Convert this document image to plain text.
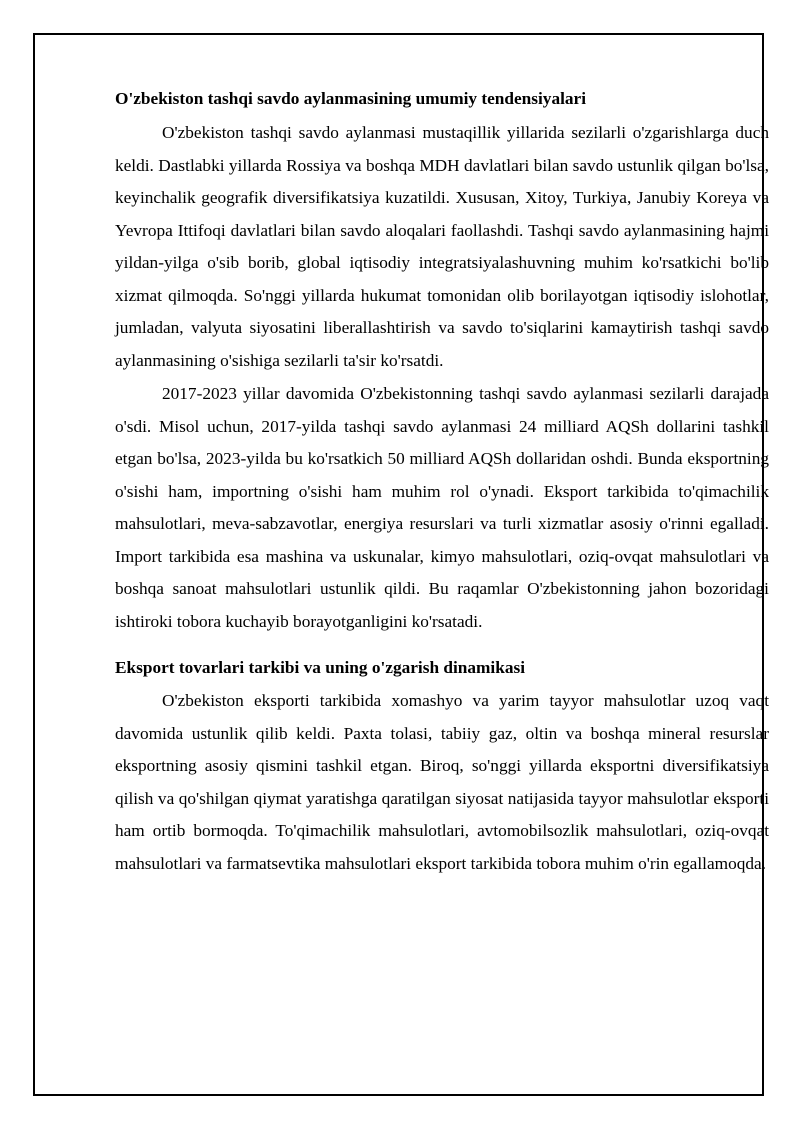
O'zbekiston tashqi savdo aylanmasining umumiy tendensiyalari

O'zbekiston tashqi savdo aylanmasi mustaqillik yillarida sezilarli o'zgarishlarga duch keldi. Dastlabki yillarda Rossiya va boshqa MDH davlatlari bilan savdo ustunlik qilgan bo'lsa, keyinchalik geografik diversifikatsiya kuzatildi. Xususan, Xitoy, Turkiya, Janubiy Koreya va Yevropa Ittifoqi davlatlari bilan savdo aloqalari faollashdi. Tashqi savdo aylanmasining hajmi yildan-yilga o'sib borib, global iqtisodiy integratsiyalashuvning muhim ko'rsatkichi bo'lib xizmat qilmoqda. So'nggi yillarda hukumat tomonidan olib borilayotgan iqtisodiy islohotlar, jumladan, valyuta siyosatini liberallashtirish va savdo to'siqlarini kamaytirish tashqi savdo aylanmasining o'sishiga sezilarli ta'sir ko'rsatdi.

2017-2023 yillar davomida O'zbekistonning tashqi savdo aylanmasi sezilarli darajada o'sdi. Misol uchun, 2017-yilda tashqi savdo aylanmasi 24 milliard AQSh dollarini tashkil etgan bo'lsa, 2023-yilda bu ko'rsatkich 50 milliard AQSh dollaridan oshdi. Bunda eksportning o'sishi ham, importning o'sishi ham muhim rol o'ynadi. Eksport tarkibida to'qimachilik mahsulotlari, meva-sabzavotlar, energiya resurslari va turli xizmatlar asosiy o'rinni egalladi. Import tarkibida esa mashina va uskunalar, kimyo mahsulotlari, oziq-ovqat mahsulotlari va boshqa sanoat mahsulotlari ustunlik qildi. Bu raqamlar O'zbekistonning jahon bozoridagi ishtiroki tobora kuchayib borayotganligini ko'rsatadi.

Eksport tovarlari tarkibi va uning o'zgarish dinamikasi

O'zbekiston eksporti tarkibida xomashyo va yarim tayyor mahsulotlar uzoq vaqt davomida ustunlik qilib keldi. Paxta tolasi, tabiiy gaz, oltin va boshqa mineral resurslar eksportning asosiy qismini tashkil etgan. Biroq, so'nggi yillarda eksportni diversifikatsiya qilish va qo'shilgan qiymat yaratishga qaratilgan siyosat natijasida tayyor mahsulotlar eksporti ham ortib bormoqda. To'qimachilik mahsulotlari, avtomobilsozlik mahsulotlari, oziq-ovqat mahsulotlari va farmatsevtika mahsulotlari eksport tarkibida tobora muhim o'rin egallamoqda.
